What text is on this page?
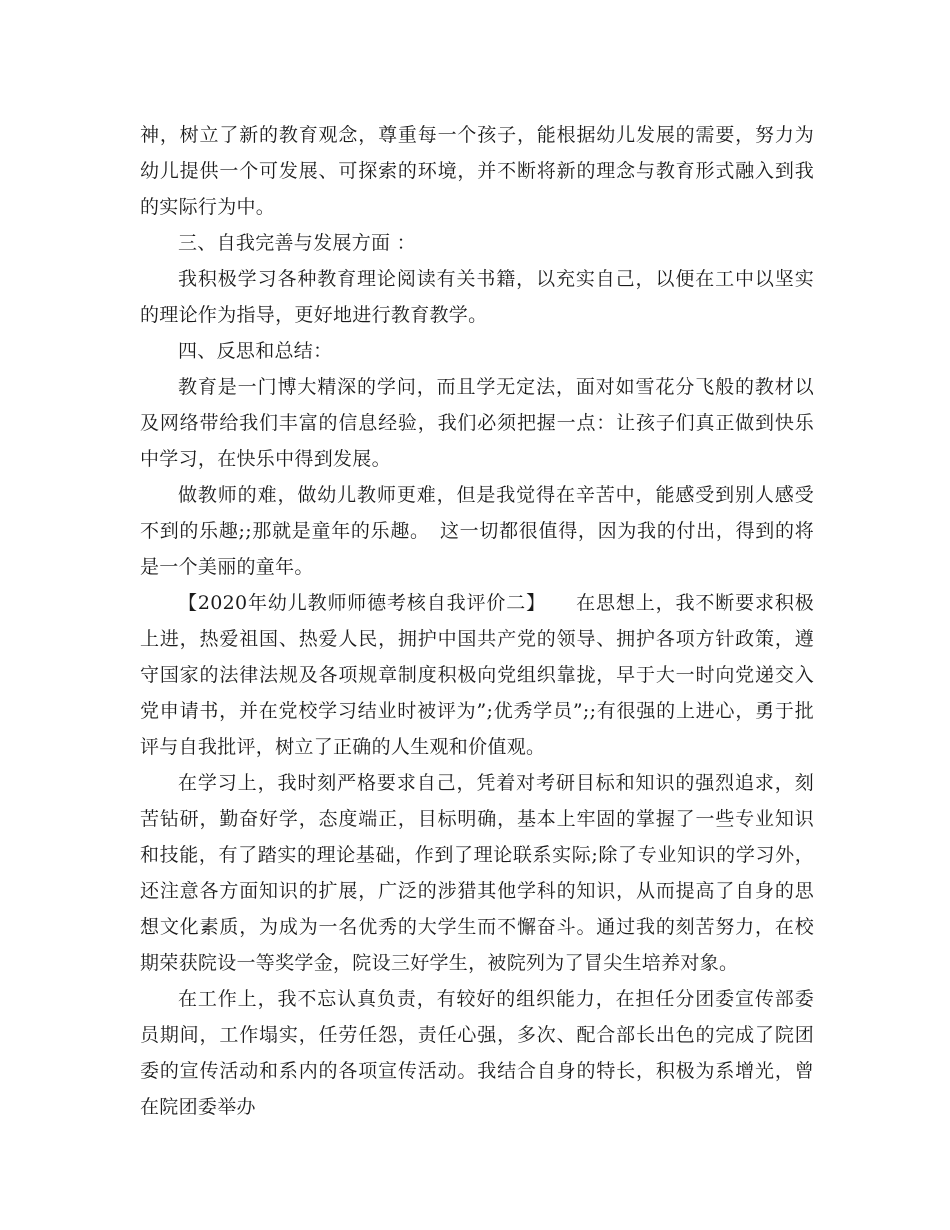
神，树立了新的教育观念，尊重每一个孩子，能根据幼儿发展的需要，努力为幼儿提供一个可发展、可探索的环境，并不断将新的理念与教育形式融入到我的实际行为中。

三、自我完善与发展方面 ：

我积极学习各种教育理论阅读有关书籍，以充实自己，以便在工中以坚实的理论作为指导，更好地进行教育教学。

四、反思和总结：

教育是一门博大精深的学问，而且学无定法，面对如雪花分飞般的教材以及网络带给我们丰富的信息经验，我们必须把握一点：让孩子们真正做到快乐中学习，在快乐中得到发展。

做教师的难，做幼儿教师更难，但是我觉得在辛苦中，能感受到别人感受不到的乐趣;;那就是童年的乐趣。　这一切都很值得，因为我的付出，得到的将是一个美丽的童年。

【2020年幼儿教师师德考核自我评价二】　　在思想上，我不断要求积极上进，热爱祖国、热爱人民，拥护中国共产党的领导、拥护各项方针政策，遵守国家的法律法规及各项规章制度积极向党组织靠拢，早于大一时向党递交入党申请书，并在党校学习结业时被评为”;优秀学员”;;有很强的上进心，勇于批评与自我批评，树立了正确的人生观和价值观。

在学习上，我时刻严格要求自己，凭着对考研目标和知识的强烈追求，刻苦钻研，勤奋好学，态度端正，目标明确，基本上牢固的掌握了一些专业知识和技能，有了踏实的理论基础，作到了理论联系实际;除了专业知识的学习外，还注意各方面知识的扩展，广泛的涉猎其他学科的知识，从而提高了自身的思想文化素质，为成为一名优秀的大学生而不懈奋斗。通过我的刻苦努力，在校期荣获院设一等奖学金，院设三好学生，被院列为了冒尖生培养对象。

在工作上，我不忘认真负责，有较好的组织能力，在担任分团委宣传部委员期间，工作塌实，任劳任怨，责任心强，多次、配合部长出色的完成了院团委的宣传活动和系内的各项宣传活动。我结合自身的特长，积极为系增光，曾在院团委举办
